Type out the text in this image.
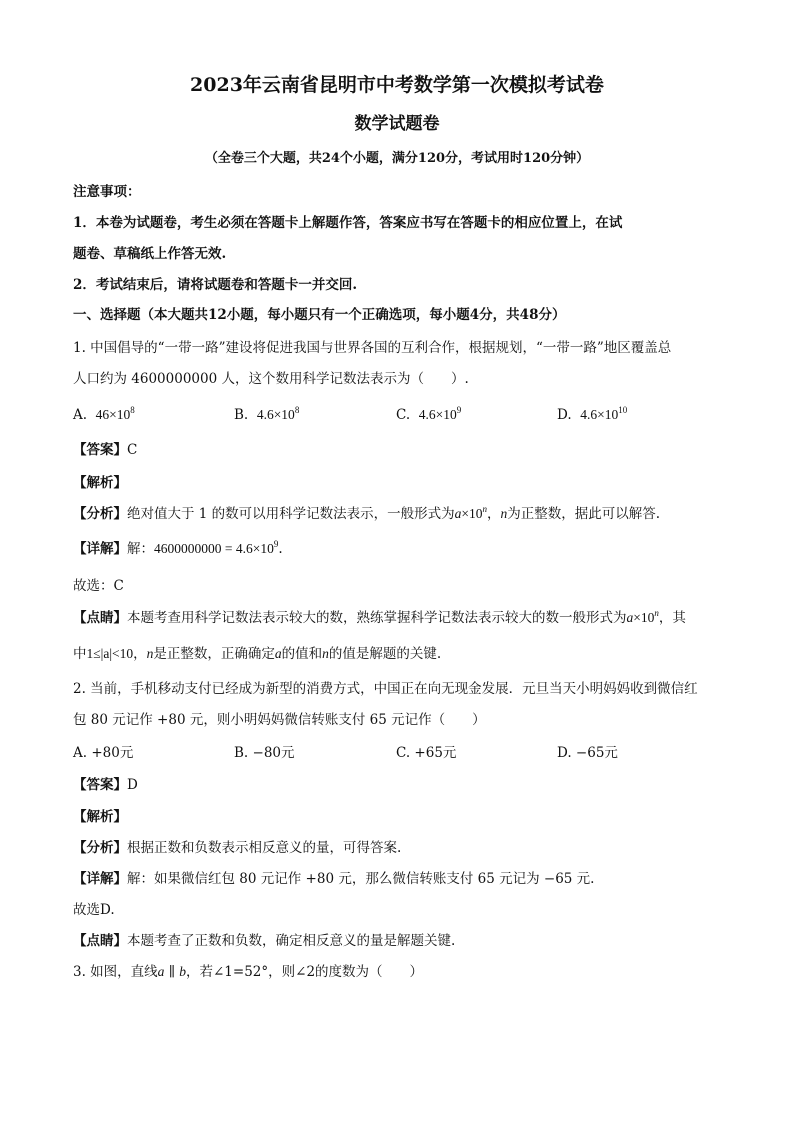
2023年云南省昆明市中考数学第一次模拟考试卷
数学试题卷
（全卷三个大题，共24个小题，满分120分，考试用时120分钟）
注意事项：
1．本卷为试题卷，考生必须在答题卡上解题作答，答案应书写在答题卡的相应位置上，在试
题卷、草稿纸上作答无效.
2．考试结束后，请将试题卷和答题卡一并交回.
一、选择题（本大题共12小题，每小题只有一个正确选项，每小题4分，共48分）
1. 中国倡导的“一带一路”建设将促进我国与世界各国的互利合作，根据规划，“一带一路”地区覆盖总
人口约为 4600000000 人，这个数用科学记数法表示为（　　）.
A. $46\times 10^8$	B. $4.6\times 10^8$	C. $4.6\times 10^9$	D. $4.6\times 10^{10}$
【答案】C
【解析】
【分析】绝对值大于 1 的数可以用科学记数法表示，一般形式为$a\times 10^n$，n为正整数，据此可以解答.
【详解】解：$4600000000 = 4.6\times 10^9$.
故选：C
【点睛】本题考查用科学记数法表示较大的数，熟练掌握科学记数法表示较大的数一般形式为$a\times 10^n$，其
中1≤|a|<10，n是正整数，正确确定a的值和n的值是解题的关键.
2. 当前，手机移动支付已经成为新型的消费方式，中国正在向无现金发展．元旦当天小明妈妈收到微信红
包 80 元记作 +80 元，则小明妈妈微信转账支付 65 元记作（　　）
A. +80元	B. −80元	C. +65元	D. −65元
【答案】D
【解析】
【分析】根据正数和负数表示相反意义的量，可得答案.
【详解】解：如果微信红包 80 元记作 +80 元，那么微信转账支付 65 元记为 −65 元.
故选D.
【点睛】本题考查了正数和负数，确定相反意义的量是解题关键.
3. 如图，直线a ∥ b，若∠1=52°，则∠2的度数为（　　）
